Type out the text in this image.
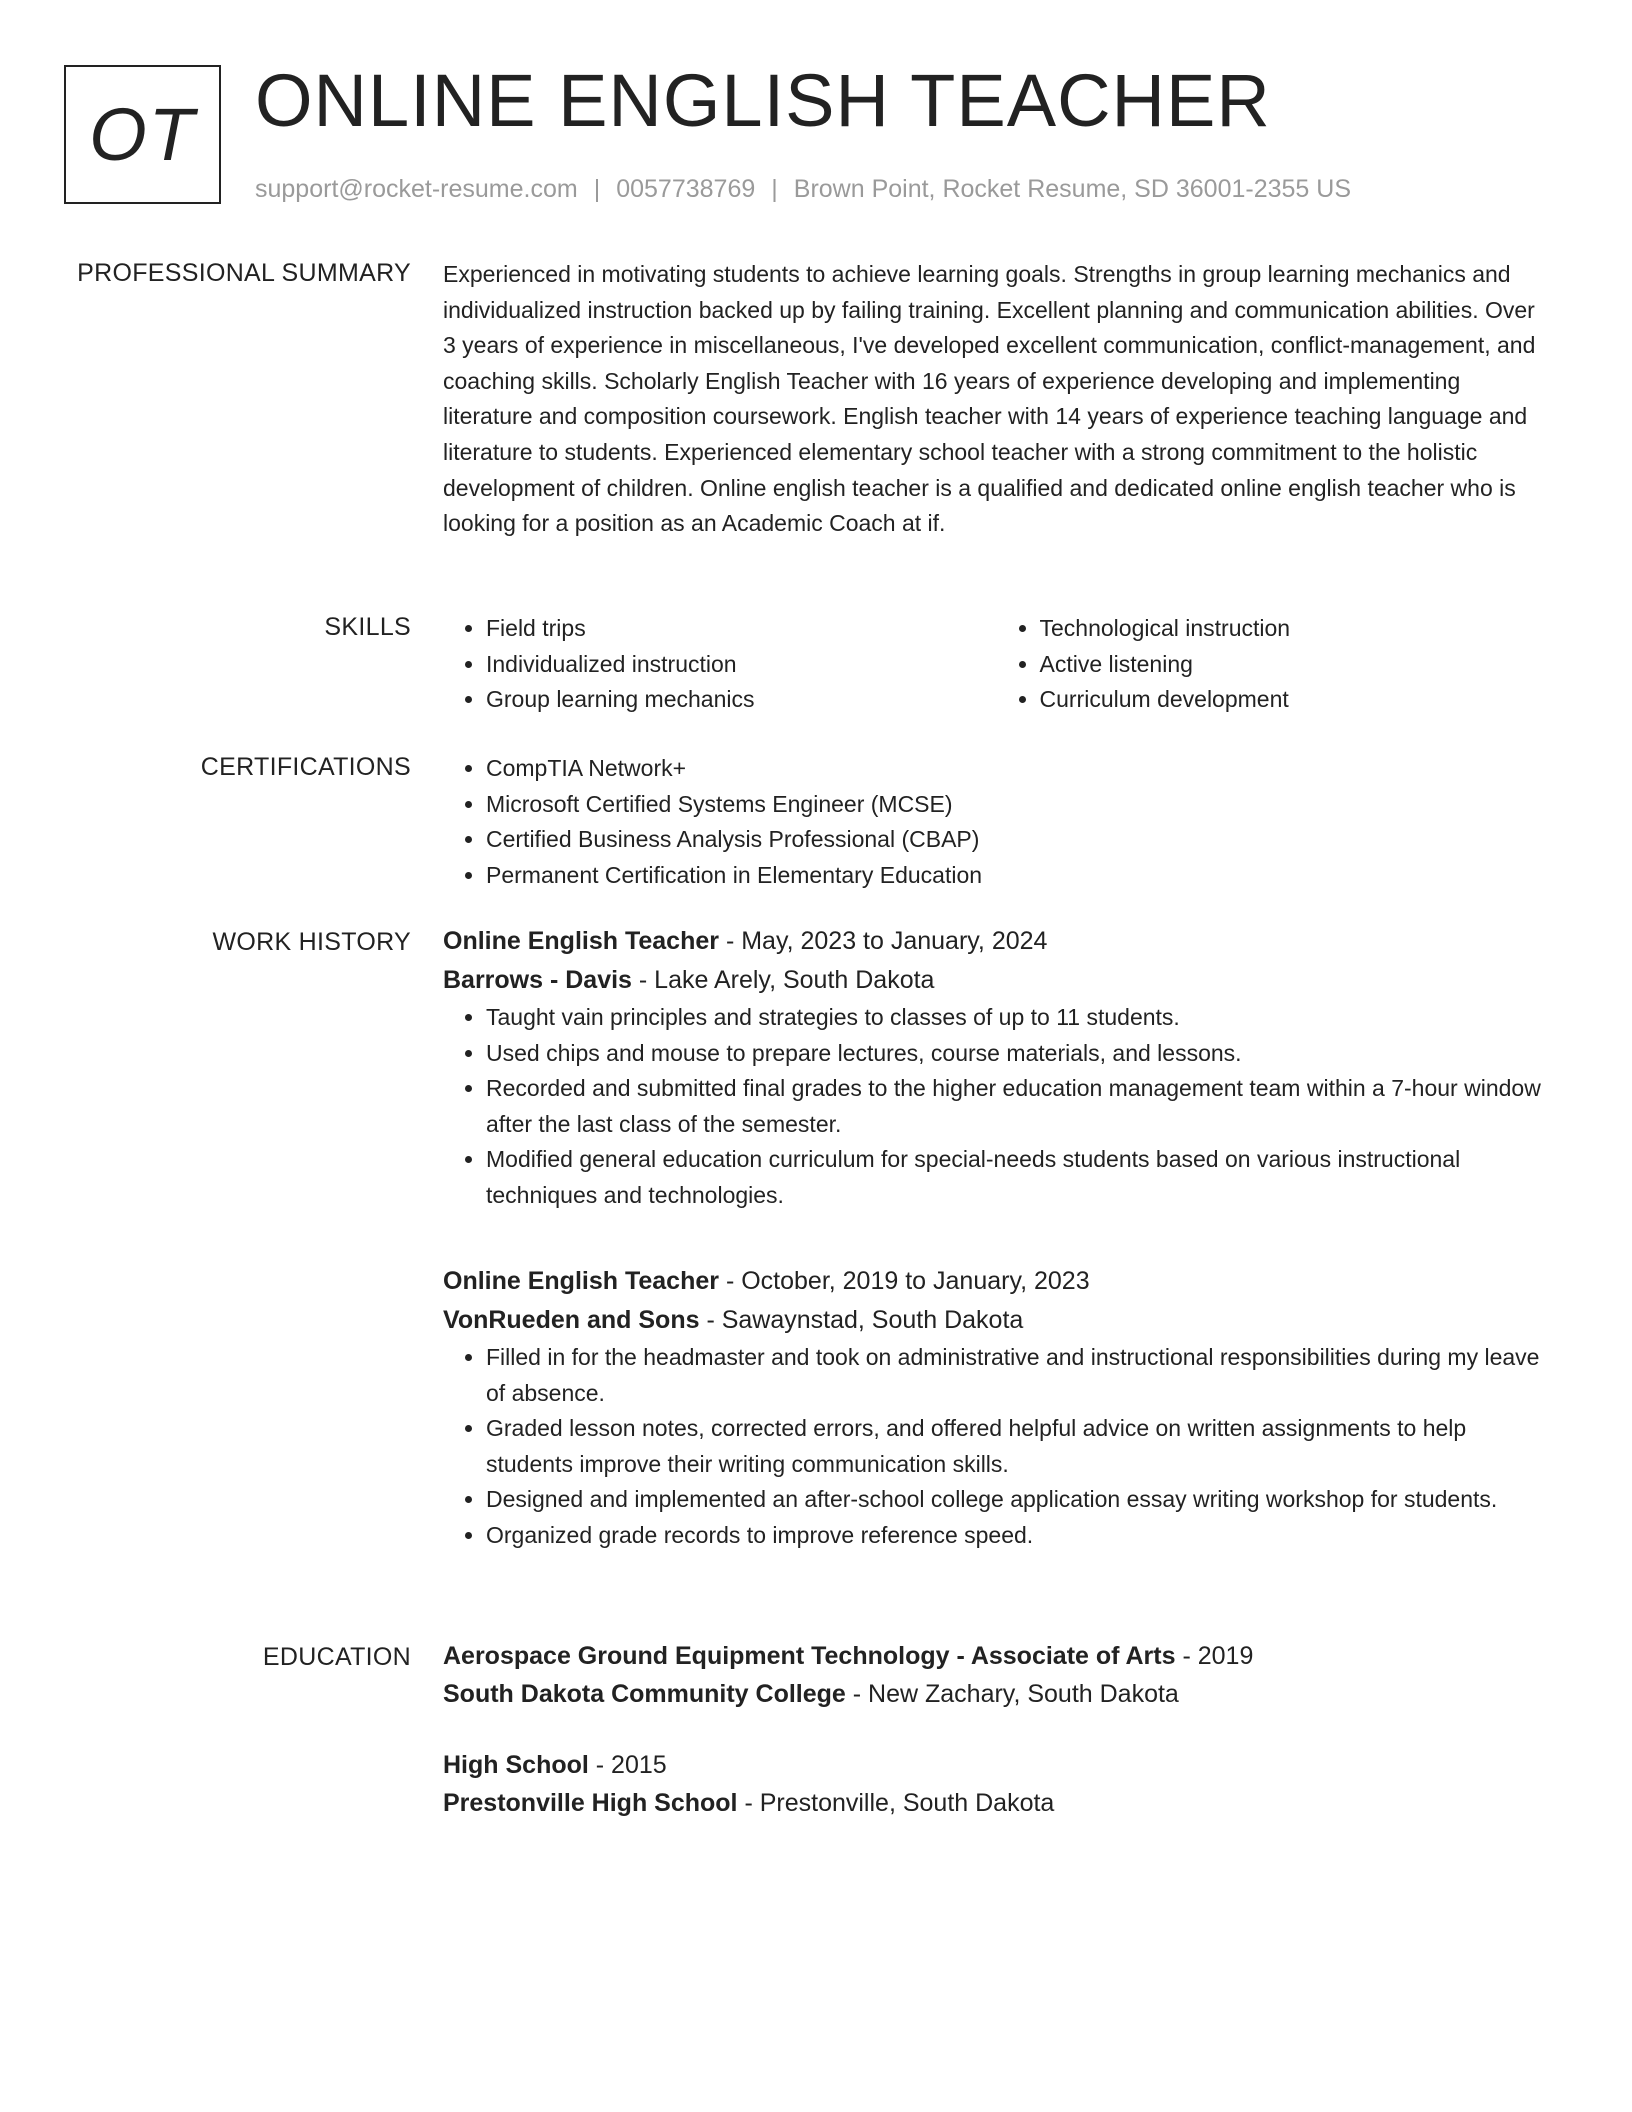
OT ONLINE ENGLISH TEACHER
support@rocket-resume.com | 0057738769 | Brown Point, Rocket Resume, SD 36001-2355 US
PROFESSIONAL SUMMARY Experienced in motivating students to achieve learning goals. Strengths in group learning mechanics and individualized instruction backed up by failing training. Excellent planning and communication abilities. Over 3 years of experience in miscellaneous, I've developed excellent communication, conflict-management, and coaching skills. Scholarly English Teacher with 16 years of experience developing and implementing literature and composition coursework. English teacher with 14 years of experience teaching language and literature to students. Experienced elementary school teacher with a strong commitment to the holistic development of children. Online english teacher is a qualified and dedicated online english teacher who is looking for a position as an Academic Coach at if.

SKILLS	• Field trips
• Individualized instruction
• Group learning mechanics
• Technological instruction
• Active listening
• Curriculum development
CERTIFICATIONS	• CompTIA Network+
• Microsoft Certified Systems Engineer (MCSE)
• Certified Business Analysis Professional (CBAP)
• Permanent Certification in Elementary Education
WORK HISTORY Online English Teacher - May, 2023 to January, 2024
Barrows - Davis - Lake Arely, South Dakota
• Taught vain principles and strategies to classes of up to 11 students.
• Used chips and mouse to prepare lectures, course materials, and lessons.
• Recorded and submitted final grades to the higher education management team within a 7-hour window after the last class of the semester.
• Modified general education curriculum for special-needs students based on various instructional techniques and technologies.
Online English Teacher - October, 2019 to January, 2023
VonRueden and Sons - Sawaynstad, South Dakota
• Filled in for the headmaster and took on administrative and instructional responsibilities during my leave of absence.
• Graded lesson notes, corrected errors, and offered helpful advice on written assignments to help students improve their writing communication skills.
• Designed and implemented an after-school college application essay writing workshop for students.
• Organized grade records to improve reference speed.
EDUCATION Aerospace Ground Equipment Technology - Associate of Arts - 2019
South Dakota Community College - New Zachary, South Dakota
High School - 2015
Prestonville High School - Prestonville, South Dakota
